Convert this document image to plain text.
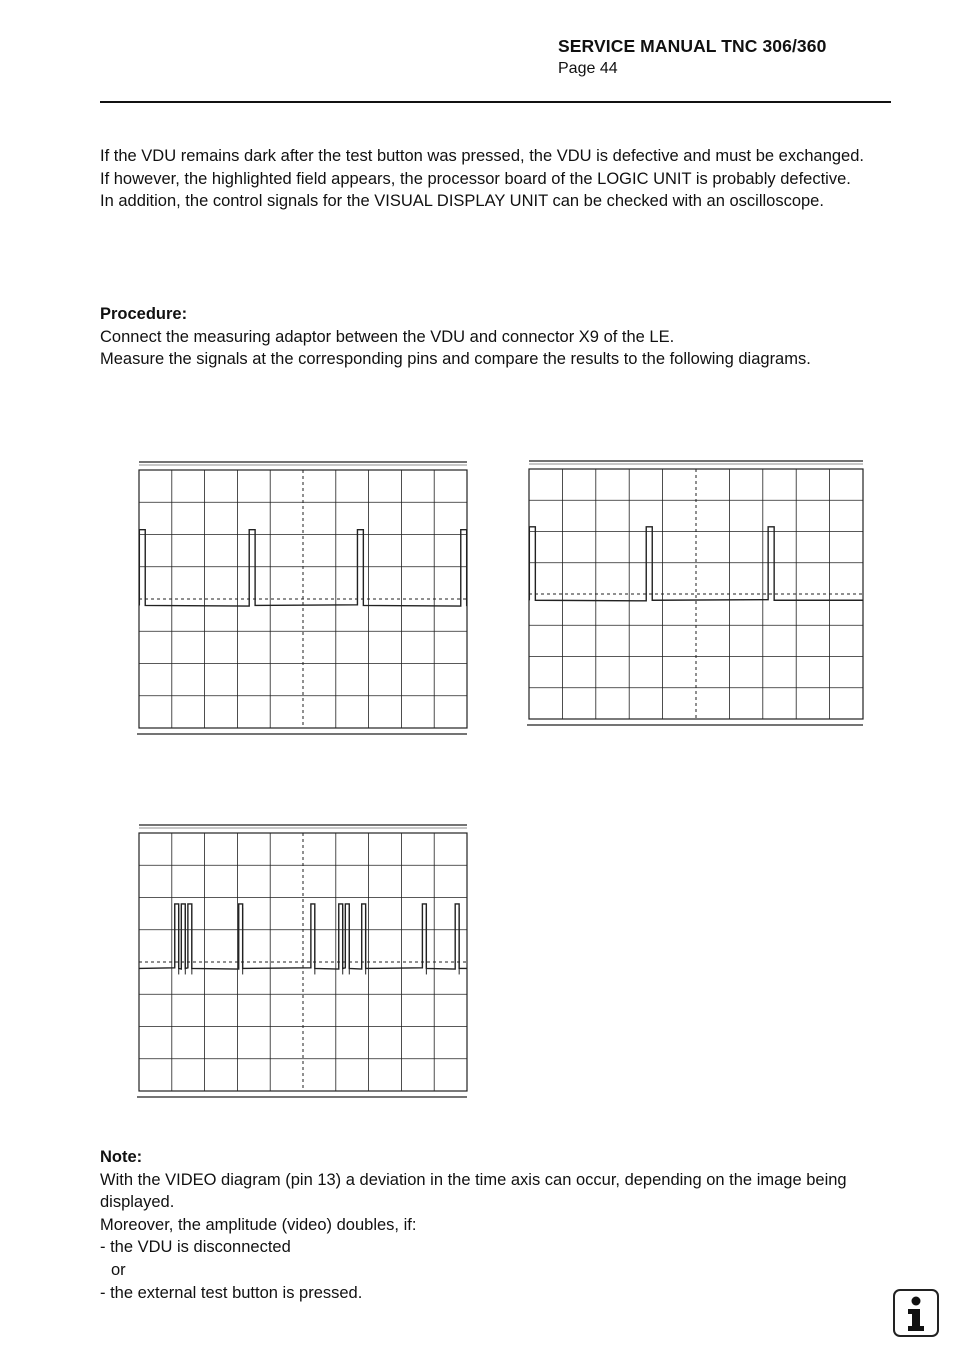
SERVICE MANUAL TNC 306/360
Page 44

If the VDU remains dark after the test button was pressed, the VDU is defective and must be exchanged.

If however, the highlighted field appears, the processor board of the LOGIC UNIT is probably defective.

In addition, the control signals for the VISUAL DISPLAY UNIT can be checked with an oscilloscope.

Procedure:

Connect the measuring adaptor between the VDU and connector X9 of the LE.

Measure the signals at the corresponding pins and compare the results to the following diagrams.

Note:

With the VIDEO diagram (pin 13) a deviation in the time axis can occur, depending on the image being displayed.

Moreover, the amplitude (video) doubles, if:

- the VDU is disconnected

or

- the external test button is pressed.
